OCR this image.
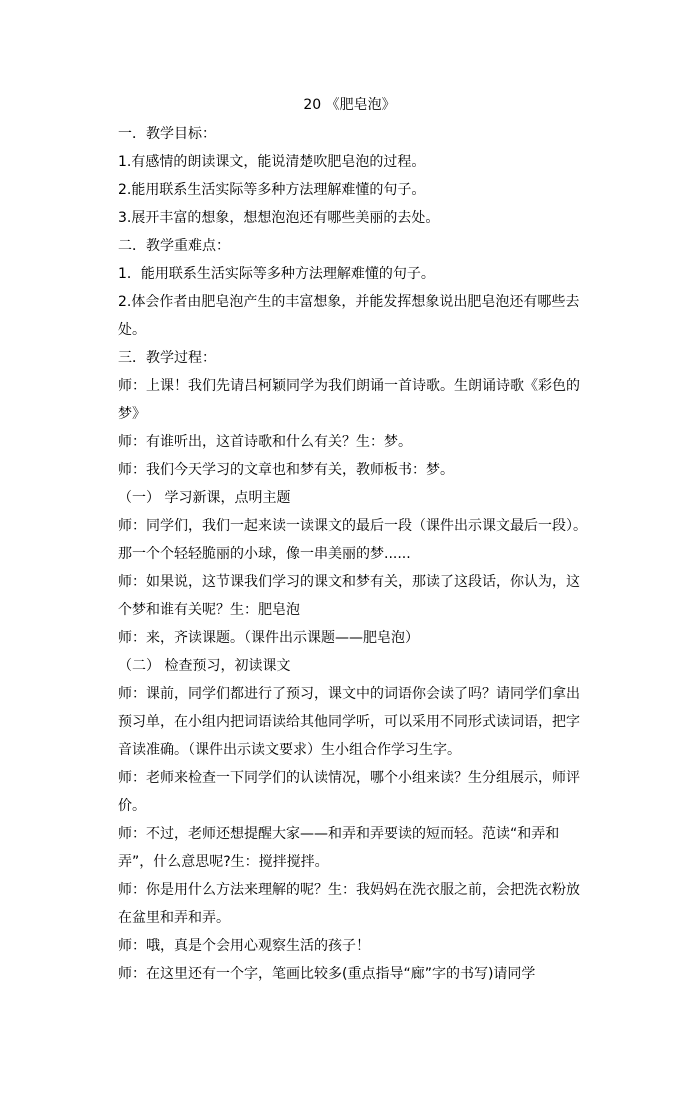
20 《肥皂泡》

一．教学目标：

1.有感情的朗读课文，能说清楚吹肥皂泡的过程。

2.能用联系生活实际等多种方法理解难懂的句子。

3.展开丰富的想象，想想泡泡还有哪些美丽的去处。

二．教学重难点：

1．能用联系生活实际等多种方法理解难懂的句子。

2.体会作者由肥皂泡产生的丰富想象，并能发挥想象说出肥皂泡还有哪些去处。

三．教学过程：

师：上课！我们先请吕柯颖同学为我们朗诵一首诗歌。生朗诵诗歌《彩色的梦》

师：有谁听出，这首诗歌和什么有关？生：梦。

师：我们今天学习的文章也和梦有关，教师板书：梦。

（一） 学习新课，点明主题

师：同学们，我们一起来读一读课文的最后一段（课件出示课文最后一段）。那一个个轻轻脆丽的小球，像一串美丽的梦......

师：如果说，这节课我们学习的课文和梦有关，那读了这段话，你认为，这个梦和谁有关呢？生：肥皂泡

师：来，齐读课题。（课件出示课题——肥皂泡）

（二） 检查预习，初读课文

师：课前，同学们都进行了预习，课文中的词语你会读了吗？请同学们拿出预习单，在小组内把词语读给其他同学听，可以采用不同形式读词语，把字音读准确。（课件出示读文要求）生小组合作学习生字。

师：老师来检查一下同学们的认读情况，哪个小组来读？生分组展示，师评价。

师：不过，老师还想提醒大家——和弄和弄要读的短而轻。范读“和弄和弄”，什么意思呢?生：搅拌搅拌。

师：你是用什么方法来理解的呢？生：我妈妈在洗衣服之前，会把洗衣粉放在盆里和弄和弄。

师：哦，真是个会用心观察生活的孩子！

师：在这里还有一个字，笔画比较多(重点指导“廊”字的书写)请同学
